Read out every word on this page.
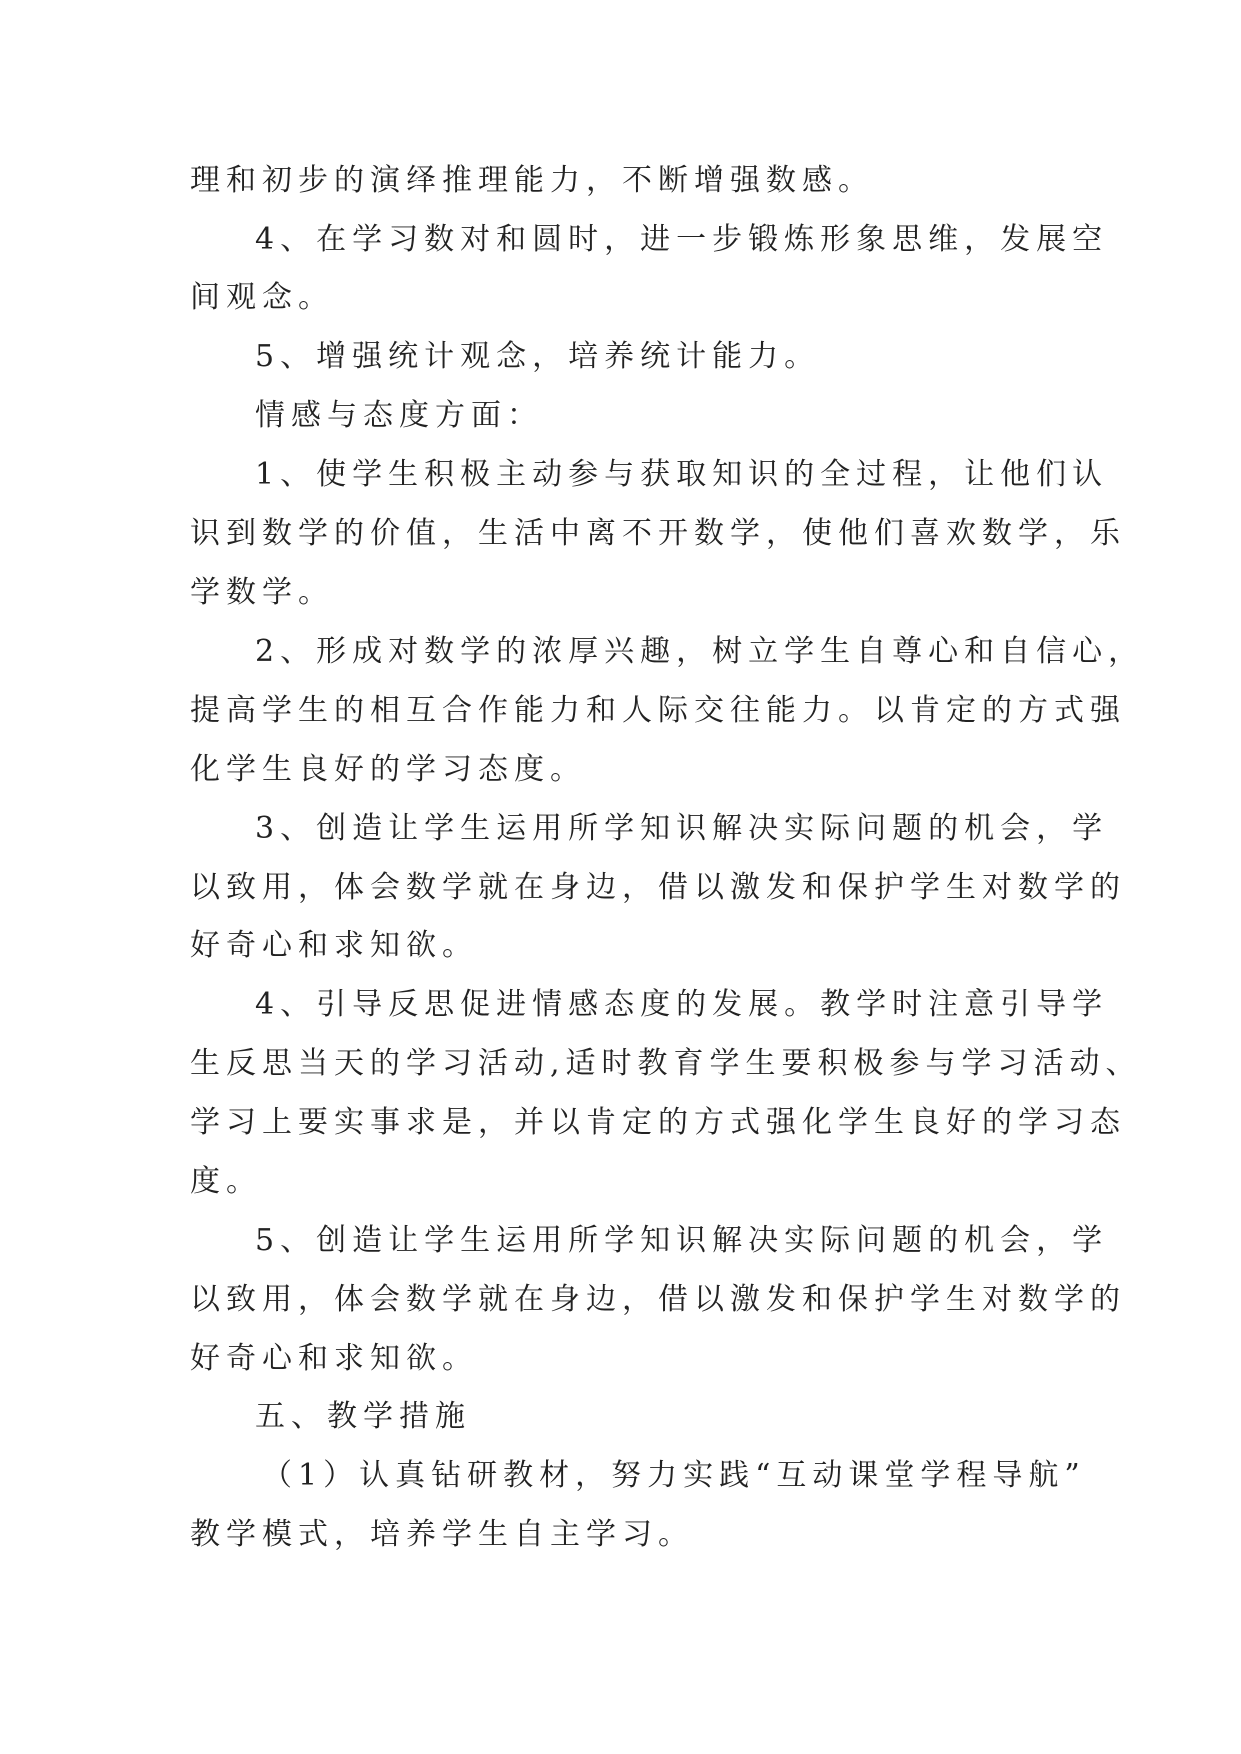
理和初步的演绎推理能力，不断增强数感。
4、在学习数对和圆时，进一步锻炼形象思维，发展空
间观念。
5、增强统计观念，培养统计能力。
情感与态度方面：
1、使学生积极主动参与获取知识的全过程，让他们认
识到数学的价值，生活中离不开数学，使他们喜欢数学，乐
学数学。
2、形成对数学的浓厚兴趣，树立学生自尊心和自信心，
提高学生的相互合作能力和人际交往能力。以肯定的方式强
化学生良好的学习态度。
3、创造让学生运用所学知识解决实际问题的机会，学
以致用，体会数学就在身边，借以激发和保护学生对数学的
好奇心和求知欲。
4、引导反思促进情感态度的发展。教学时注意引导学
生反思当天的学习活动,适时教育学生要积极参与学习活动、
学习上要实事求是，并以肯定的方式强化学生良好的学习态
度。
5、创造让学生运用所学知识解决实际问题的机会，学
以致用，体会数学就在身边，借以激发和保护学生对数学的
好奇心和求知欲。
五、教学措施
（1）认真钻研教材，努力实践“互动课堂学程导航”
教学模式，培养学生自主学习。
